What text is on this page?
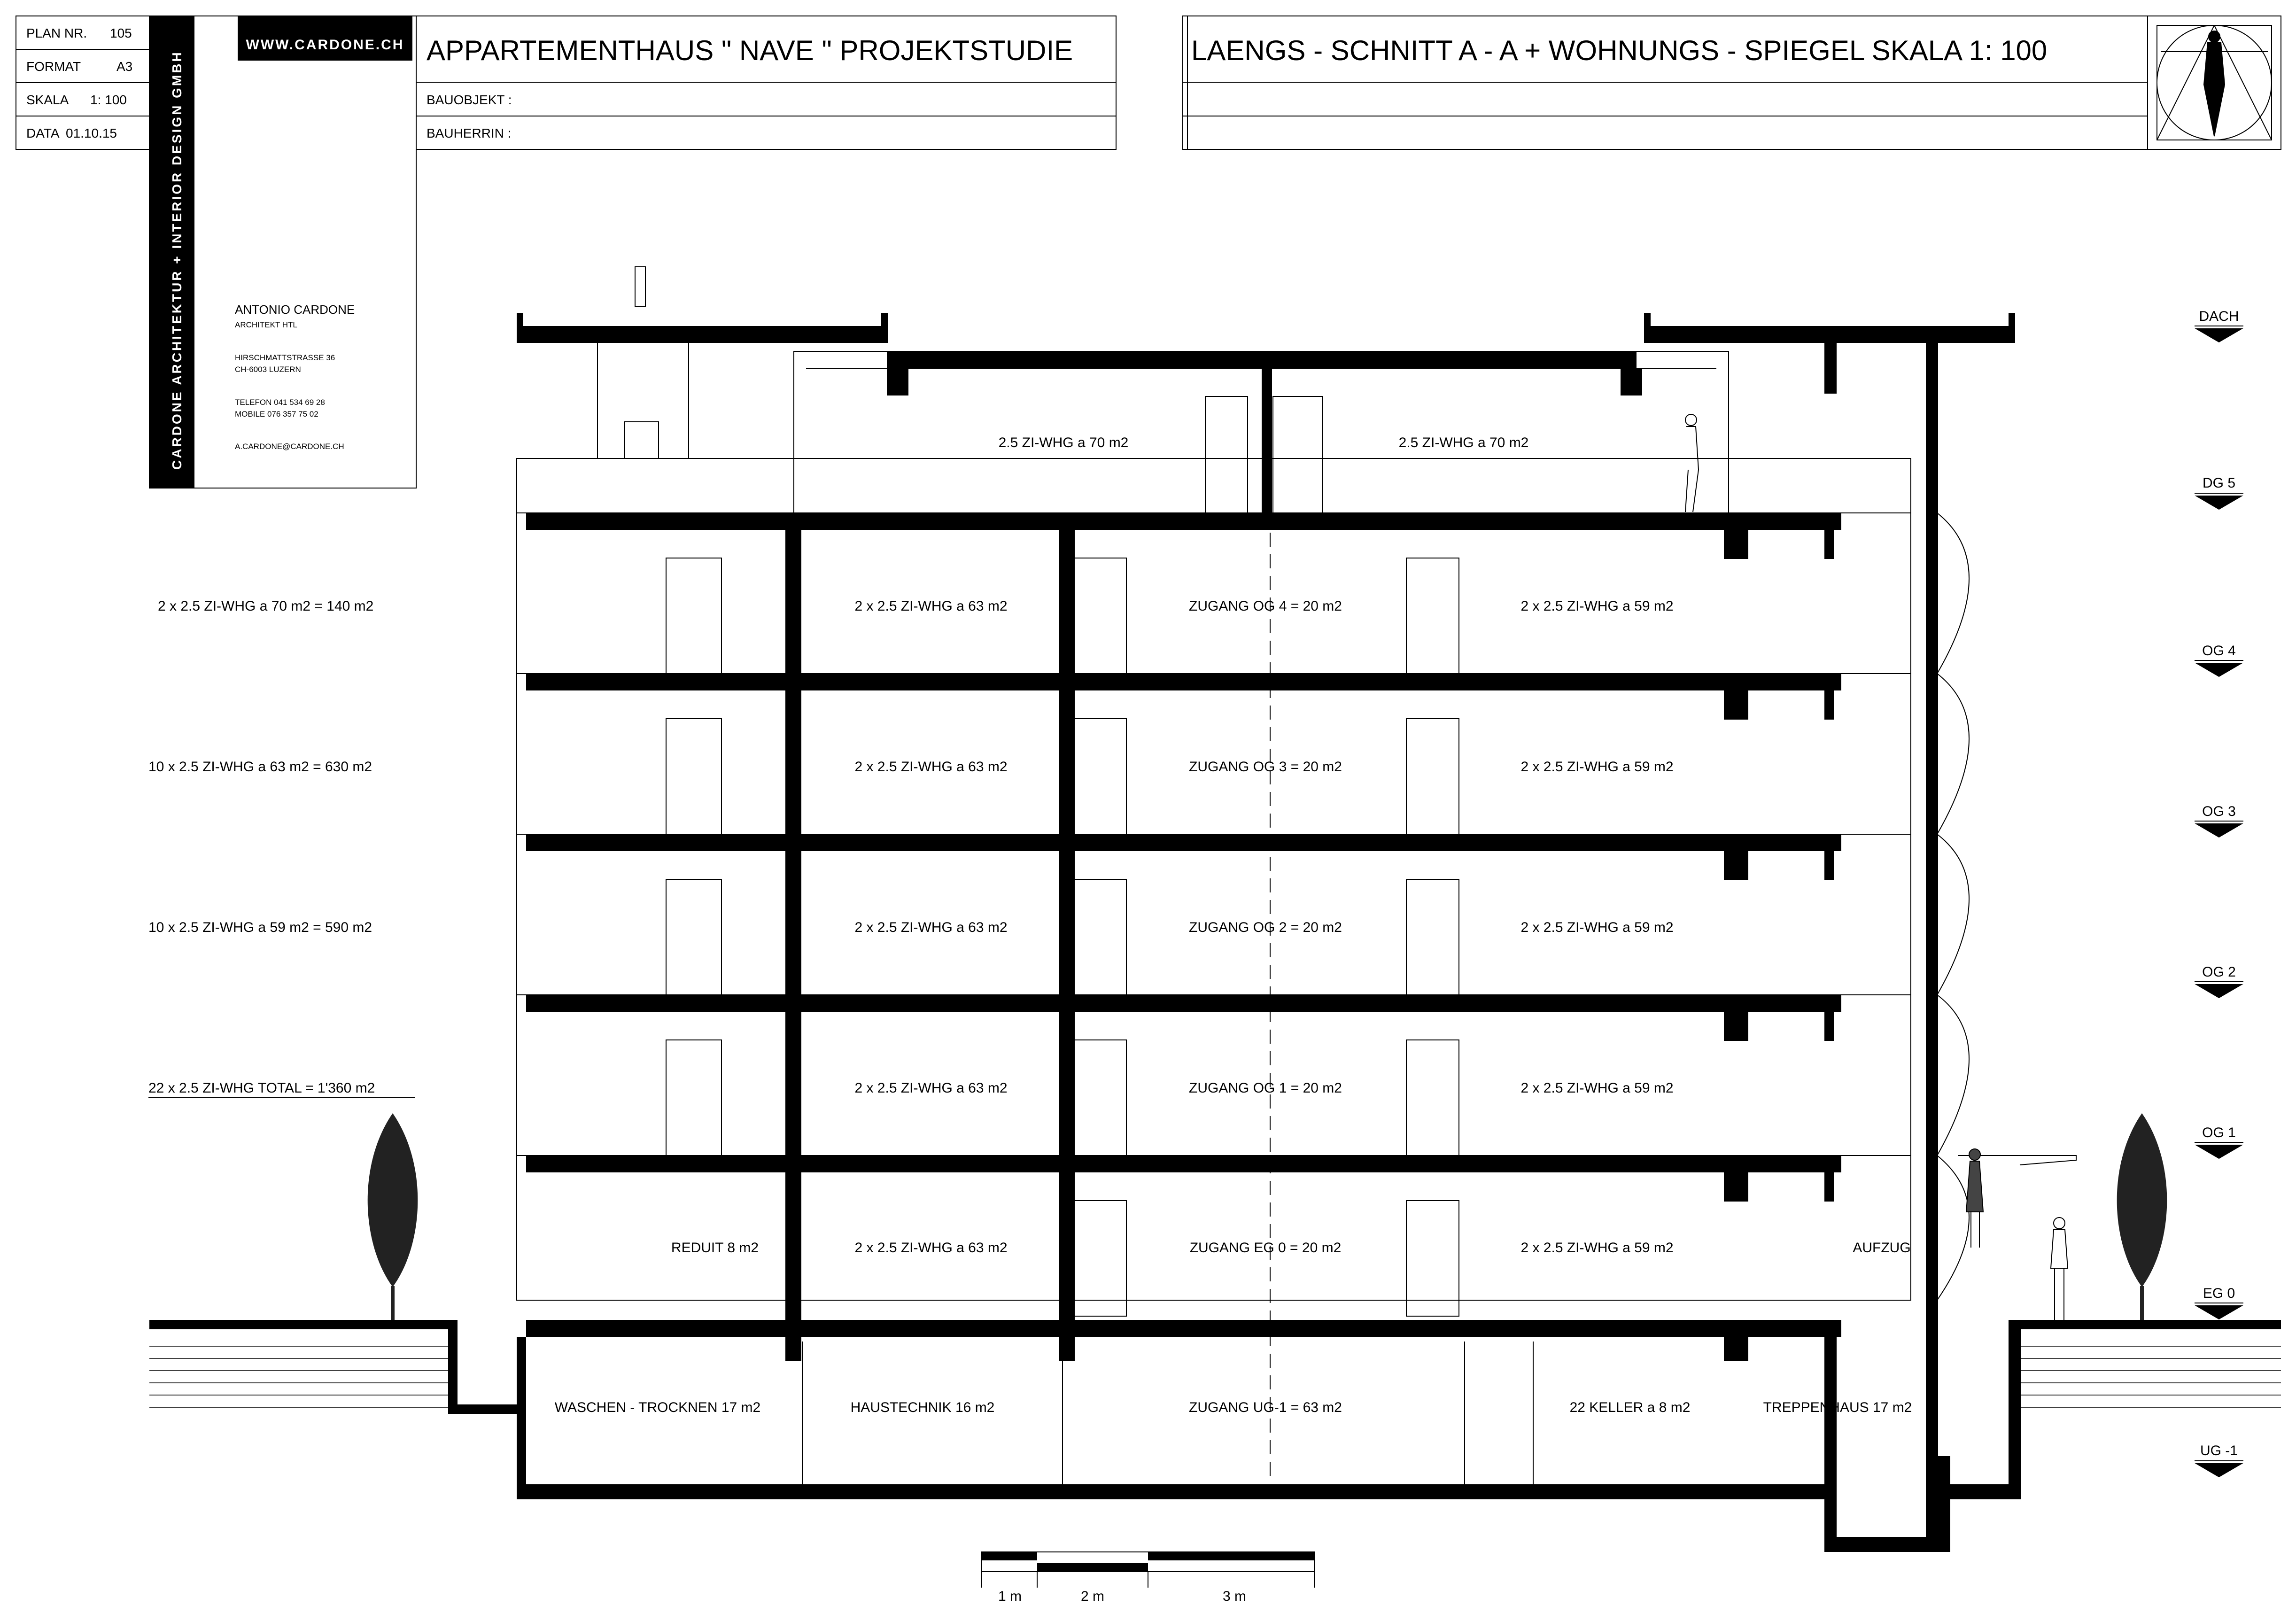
PLAN NR. 105
FORMAT	A3
SKALA 1: 100
DATA 01.10.15	CARDONE ARCHITEKTUR + INTERIOR DESIGN GMBH
WWW.CARDONE.CH
ANTONIO CARDONE
ARCHITEKT HTL
HIRSCHMATTSTRASSE 36
CH-6003 LUZERN
TELEFON 041 534 69 28
MOBILE 076 357 75 02
A.CARDONE@CARDONE.CH
APPARTEMENTHAUS " NAVE " PROJEKTSTUDIE
BAUOBJEKT :
BAUHERRIN :
LAENGS - SCHNITT A - A + WOHNUNGS - SPIEGEL SKALA 1: 100
2 x 2.5 ZI-WHG a 70 m2 = 140 m2
10 x 2.5 ZI-WHG a 63 m2 = 630 m2
10 x 2.5 ZI-WHG a 59 m2 = 590 m2
22 x 2.5 ZI-WHG TOTAL = 1'360 m2
2.5 ZI-WHG a 70 m2	2.5 ZI-WHG a 70 m2
2 x 2.5 ZI-WHG a 63 m2	ZUGANG OG 4 = 20 m2	2 x 2.5 ZI-WHG a 59 m2
2 x 2.5 ZI-WHG a 63 m2	ZUGANG OG 3 = 20 m2	2 x 2.5 ZI-WHG a 59 m2
2 x 2.5 ZI-WHG a 63 m2	ZUGANG OG 2 = 20 m2	2 x 2.5 ZI-WHG a 59 m2
2 x 2.5 ZI-WHG a 63 m2	ZUGANG OG 1 = 20 m2	2 x 2.5 ZI-WHG a 59 m2
REDUIT 8 m2	2 x 2.5 ZI-WHG a 63 m2	ZUGANG EG 0 = 20 m2	2 x 2.5 ZI-WHG a 59 m2	AUFZUG
WASCHEN - TROCKNEN 17 m2	HAUSTECHNIK 16 m2	ZUGANG UG-1 = 63 m2	22 KELLER a 8 m2	TREPPENHAUS 17 m2
DACH
DG 5
OG 4
OG 3
OG 2
OG 1
EG 0
UG -1
1 m	2 m	3 m
